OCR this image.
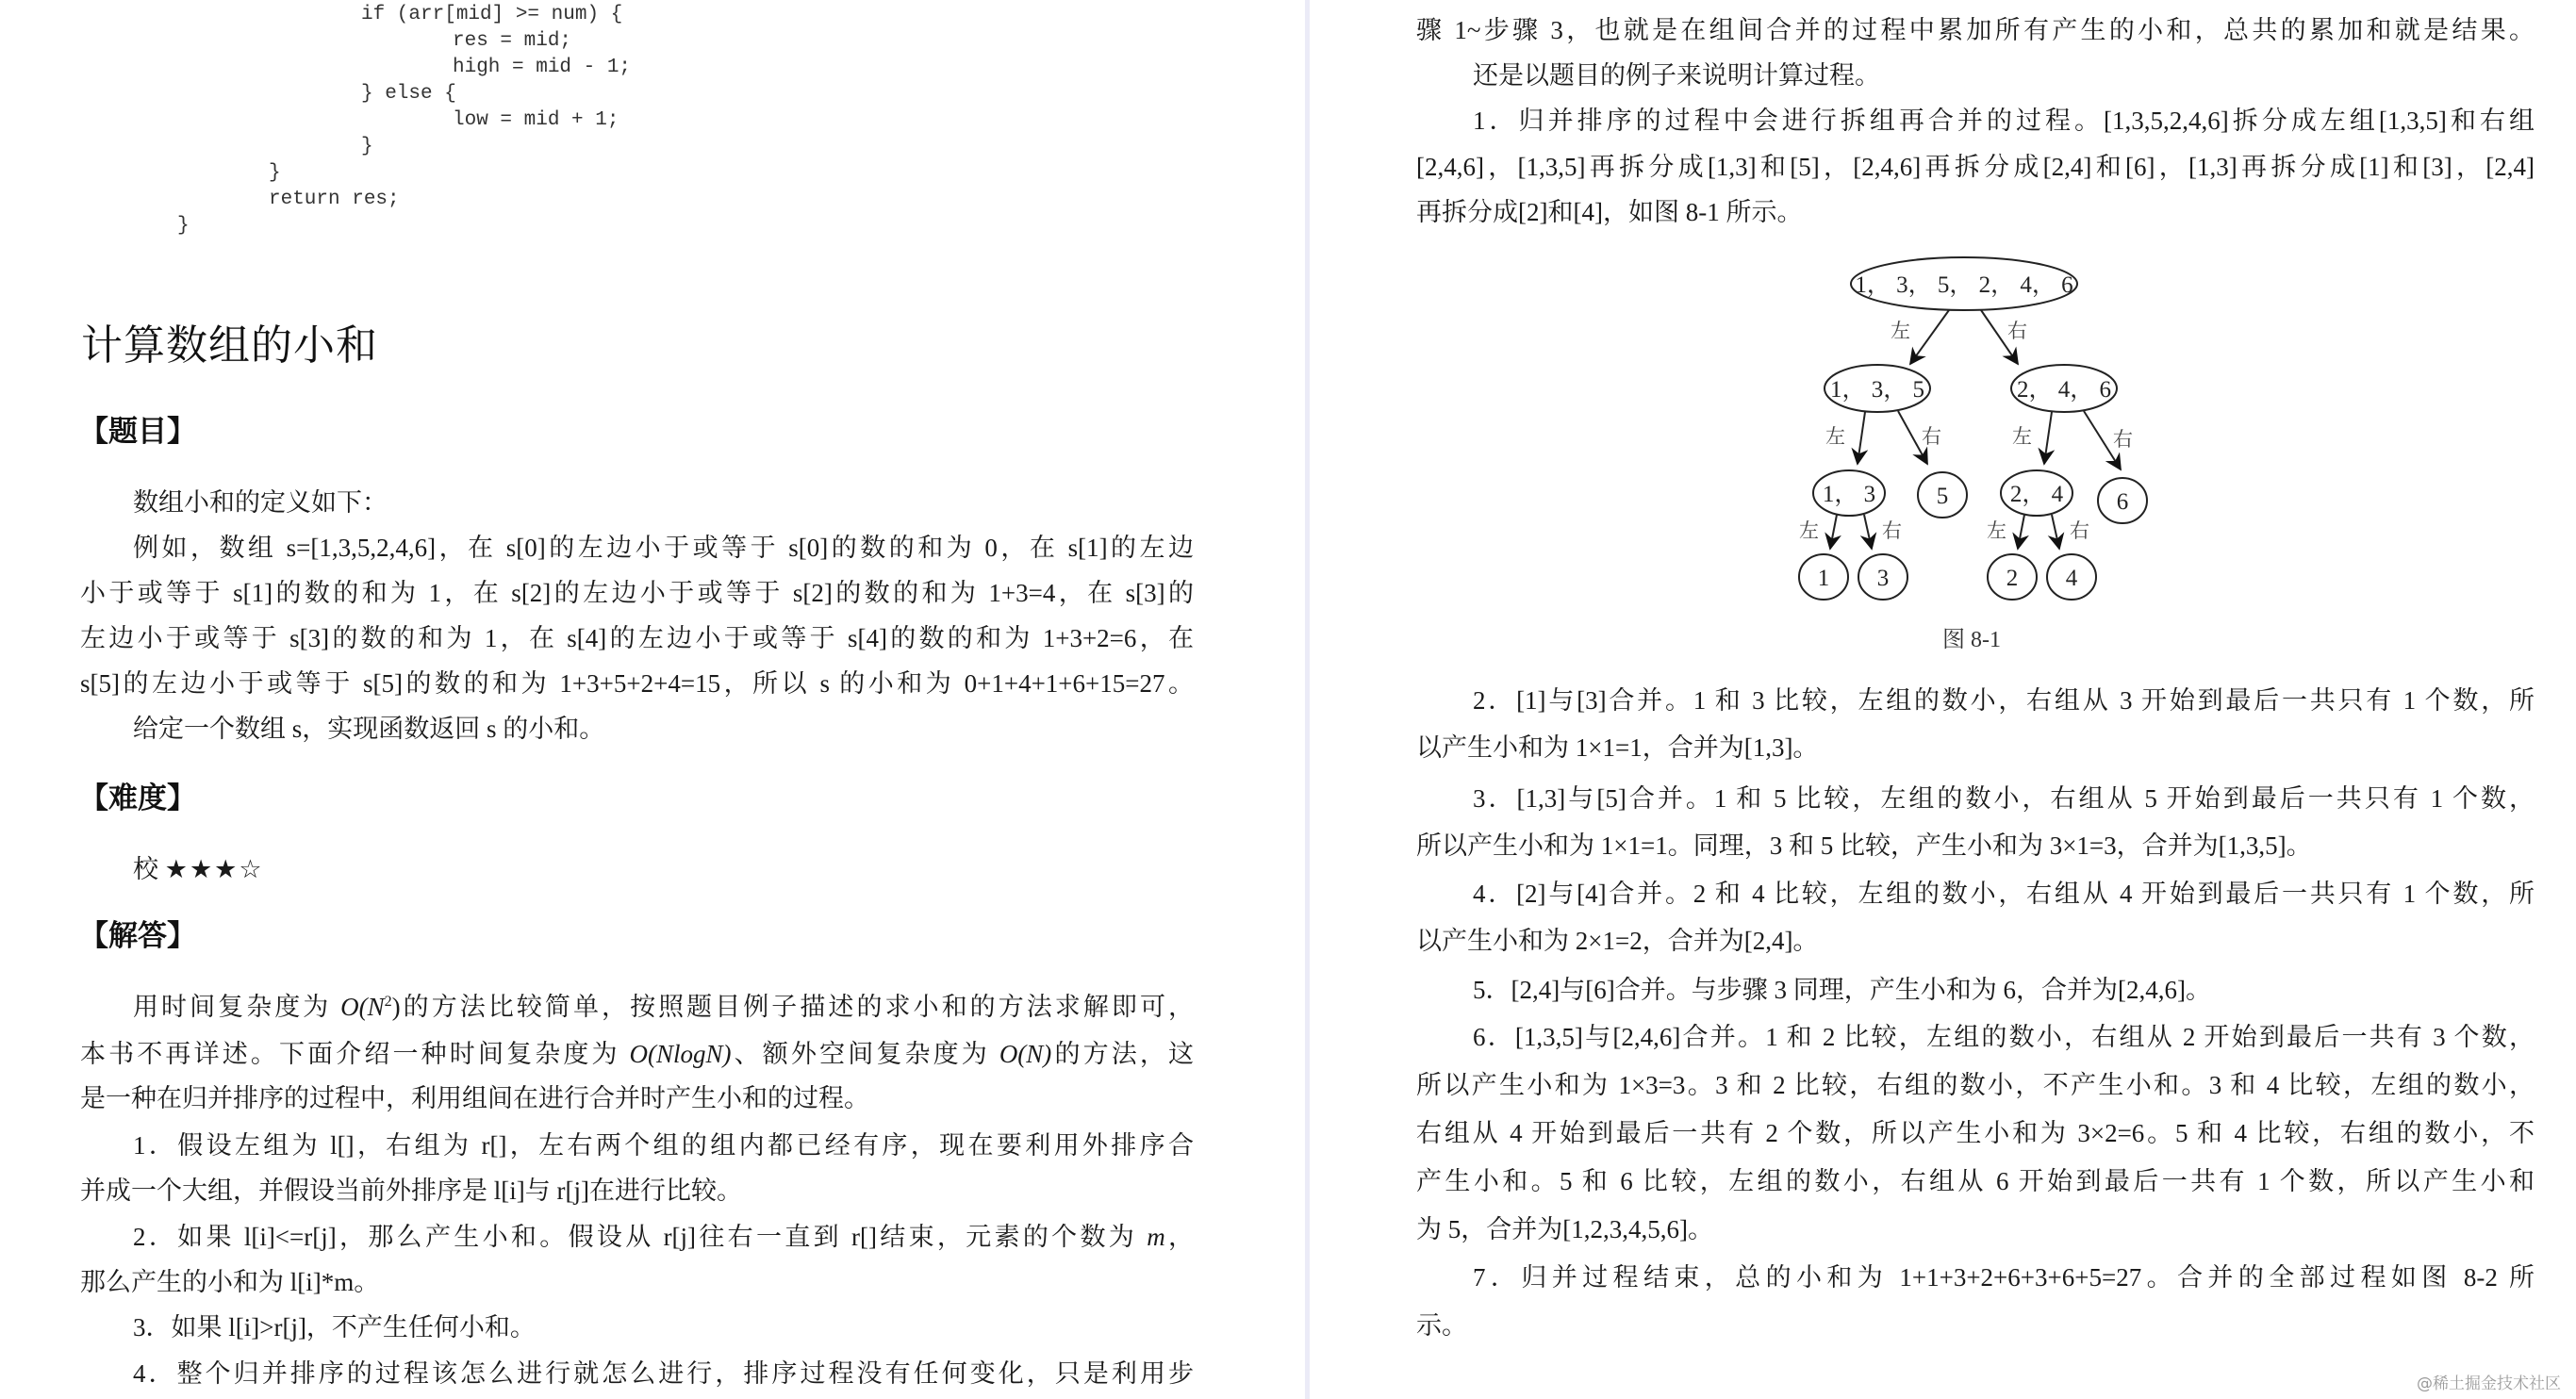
if (arr[mid] >= num) {
res = mid;
high = mid - 1;
} else {
low = mid + 1;
}
}
return res;
}
计算数组的小和
【题目】
数组小和的定义如下：
例如，数组 s=[1,3,5,2,4,6]，在 s[0]的左边小于或等于 s[0]的数的和为 0，在 s[1]的左边
小于或等于 s[1]的数的和为 1，在 s[2]的左边小于或等于 s[2]的数的和为 1+3=4，在 s[3]的
左边小于或等于 s[3]的数的和为 1，在 s[4]的左边小于或等于 s[4]的数的和为 1+3+2=6，在
s[5]的左边小于或等于 s[5]的数的和为 1+3+5+2+4=15，所以 s 的小和为 0+1+4+1+6+15=27。
给定一个数组 s，实现函数返回 s 的小和。
【难度】
校 ★★★☆
【解答】
用时间复杂度为 $O(N^2)$的方法比较简单，按照题目例子描述的求小和的方法求解即可，
本书不再详述。下面介绍一种时间复杂度为 O(NlogN)、额外空间复杂度为 O(N)的方法，这
是一种在归并排序的过程中，利用组间在进行合并时产生小和的过程。
1．假设左组为 l[]，右组为 r[]，左右两个组的组内都已经有序，现在要利用外排序合
并成一个大组，并假设当前外排序是 l[i]与 r[j]在进行比较。
2．如果 l[i]<=r[j]，那么产生小和。假设从 r[j]往右一直到 r[]结束，元素的个数为 m，
那么产生的小和为 l[i]*m。
3．如果 l[i]>r[j]，不产生任何小和。
4．整个归并排序的过程该怎么进行就怎么进行，排序过程没有任何变化，只是利用步
骤 1~步骤 3，也就是在组间合并的过程中累加所有产生的小和，总共的累加和就是结果。
还是以题目的例子来说明计算过程。
1．归并排序的过程中会进行拆组再合并的过程。[1,3,5,2,4,6]拆分成左组[1,3,5]和右组
[2,4,6]，[1,3,5]再拆分成[1,3]和[5]，[2,4,6]再拆分成[2,4]和[6]，[1,3]再拆分成[1]和[3]，[2,4]
再拆分成[2]和[4]，如图 8-1 所示。
左	右
左	右	左	右
左	右	左	右
1， 3， 5， 2， 4， 6
1， 3， 5	2， 4， 6
1， 3	5	2， 4 6
1 3	2 4
图 8-1
2．[1]与[3]合并。1 和 3 比较，左组的数小，右组从 3 开始到最后一共只有 1 个数，所
以产生小和为 1×1=1，合并为[1,3]。
3．[1,3]与[5]合并。1 和 5 比较，左组的数小，右组从 5 开始到最后一共只有 1 个数，
所以产生小和为 1×1=1。同理，3 和 5 比较，产生小和为 3×1=3，合并为[1,3,5]。
4．[2]与[4]合并。2 和 4 比较，左组的数小，右组从 4 开始到最后一共只有 1 个数，所
以产生小和为 2×1=2，合并为[2,4]。
5．[2,4]与[6]合并。与步骤 3 同理，产生小和为 6，合并为[2,4,6]。
6．[1,3,5]与[2,4,6]合并。1 和 2 比较，左组的数小，右组从 2 开始到最后一共有 3 个数，
所以产生小和为 1×3=3。3 和 2 比较，右组的数小，不产生小和。3 和 4 比较，左组的数小，
右组从 4 开始到最后一共有 2 个数，所以产生小和为 3×2=6。5 和 4 比较，右组的数小，不
产生小和。5 和 6 比较，左组的数小，右组从 6 开始到最后一共有 1 个数，所以产生小和
为 5，合并为[1,2,3,4,5,6]。
7．归并过程结束，总的小和为 1+1+3+2+6+3+6+5=27。合并的全部过程如图 8-2 所
示。
@稀土掘金技术社区
